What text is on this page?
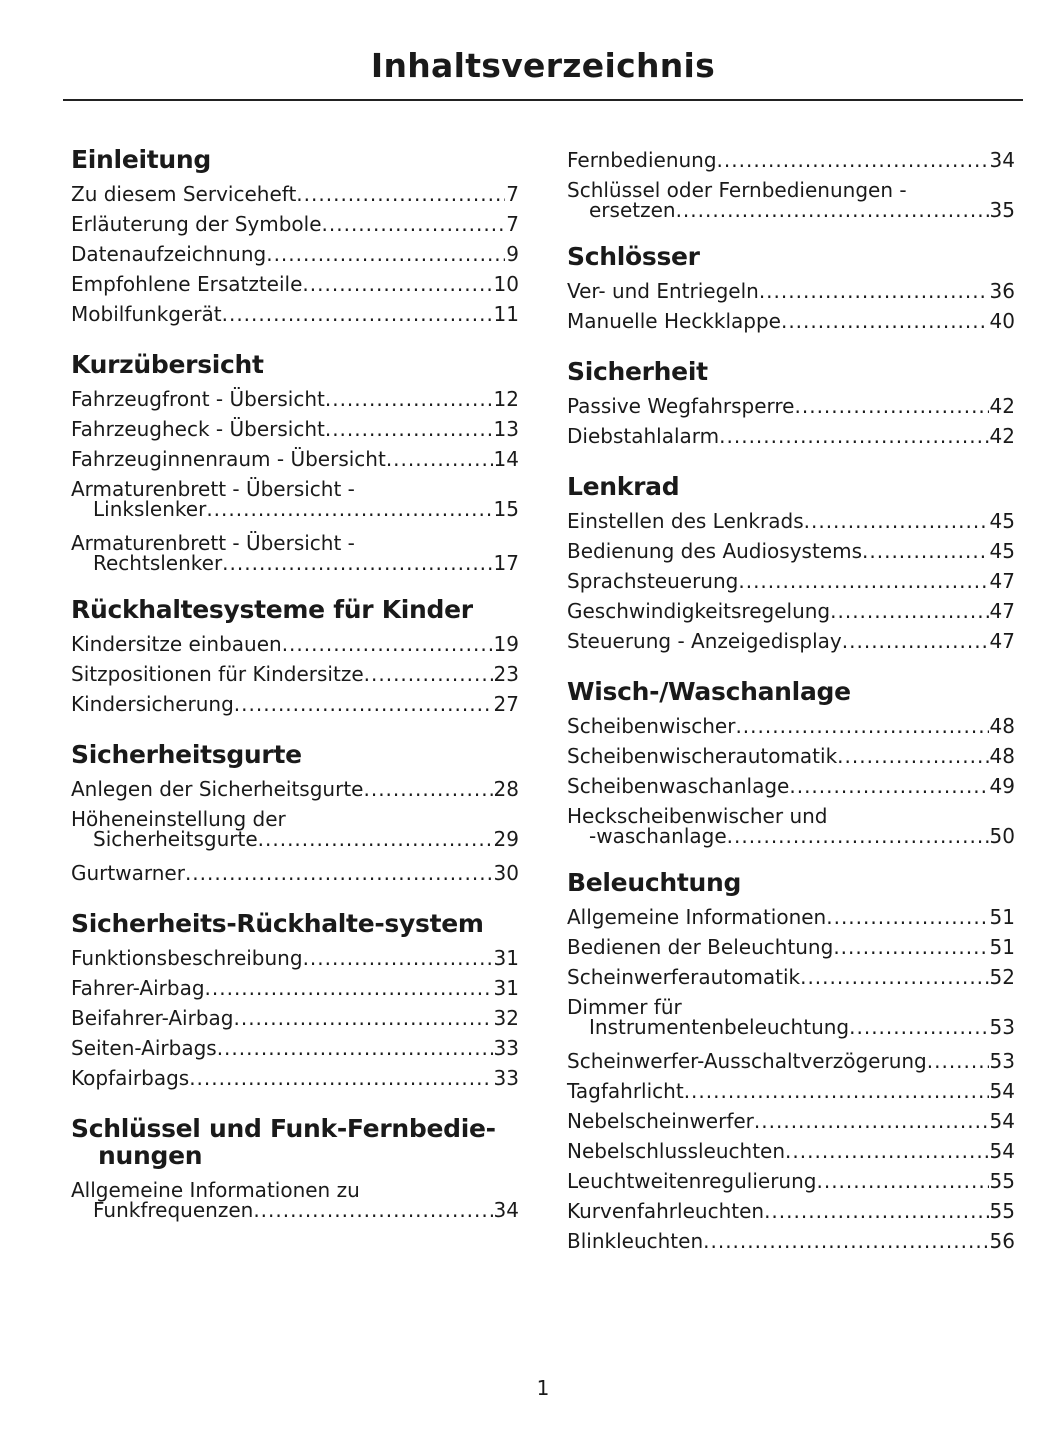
Inhaltsverzeichnis
Einleitung
Zu diesem Serviceheft .....	7
Erläuterung der Symbole .....	7
Datenaufzeichnung .....	9
Empfohlene Ersatzteile .....	10
Mobilfunkgerät .....	11
Kurzübersicht
Fahrzeugfront - Übersicht .....	12
Fahrzeugheck - Übersicht .....	13
Fahrzeuginnenraum - Übersicht .....	14
Armaturenbrett - Übersicht -
Linkslenker .....	15
Armaturenbrett - Übersicht -
Rechtslenker .....	17
Rückhaltesysteme für Kinder
Kindersitze einbauen .....	19
Sitzpositionen für Kindersitze .....	23
Kindersicherung .....	27
Sicherheitsgurte
Anlegen der Sicherheitsgurte .....	28
Höheneinstellung der
Sicherheitsgurte .....	29
Gurtwarner .....	30
Sicherheits-Rückhalte-system
Funktionsbeschreibung .....	31
Fahrer-Airbag .....	31
Beifahrer-Airbag .....	32
Seiten-Airbags .....	33
Kopfairbags .....	33
Schlüssel und Funk-Fernbedie-nungen
Allgemeine Informationen zu
Funkfrequenzen .....	34
Fernbedienung .....	34
Schlüssel oder Fernbedienungen -
ersetzen .....	35
Schlösser
Ver- und Entriegeln .....	36
Manuelle Heckklappe .....	40
Sicherheit
Passive Wegfahrsperre .....	42
Diebstahlalarm .....	42
Lenkrad
Einstellen des Lenkrads .....	45
Bedienung des Audiosystems .....	45
Sprachsteuerung .....	47
Geschwindigkeitsregelung .....	47
Steuerung - Anzeigedisplay .....	47
Wisch-/Waschanlage
Scheibenwischer .....	48
Scheibenwischerautomatik .....	48
Scheibenwaschanlage .....	49
Heckscheibenwischer und
-waschanlage .....	50
Beleuchtung
Allgemeine Informationen .....	51
Bedienen der Beleuchtung .....	51
Scheinwerferautomatik .....	52
Dimmer für
Instrumentenbeleuchtung .....	53
Scheinwerfer-Ausschaltverzögerung .....	53
Tagfahrlicht .....	54
Nebelscheinwerfer .....	54
Nebelschlussleuchten .....	54
Leuchtweitenregulierung .....	55
Kurvenfahrleuchten .....	55
Blinkleuchten .....	56
1
